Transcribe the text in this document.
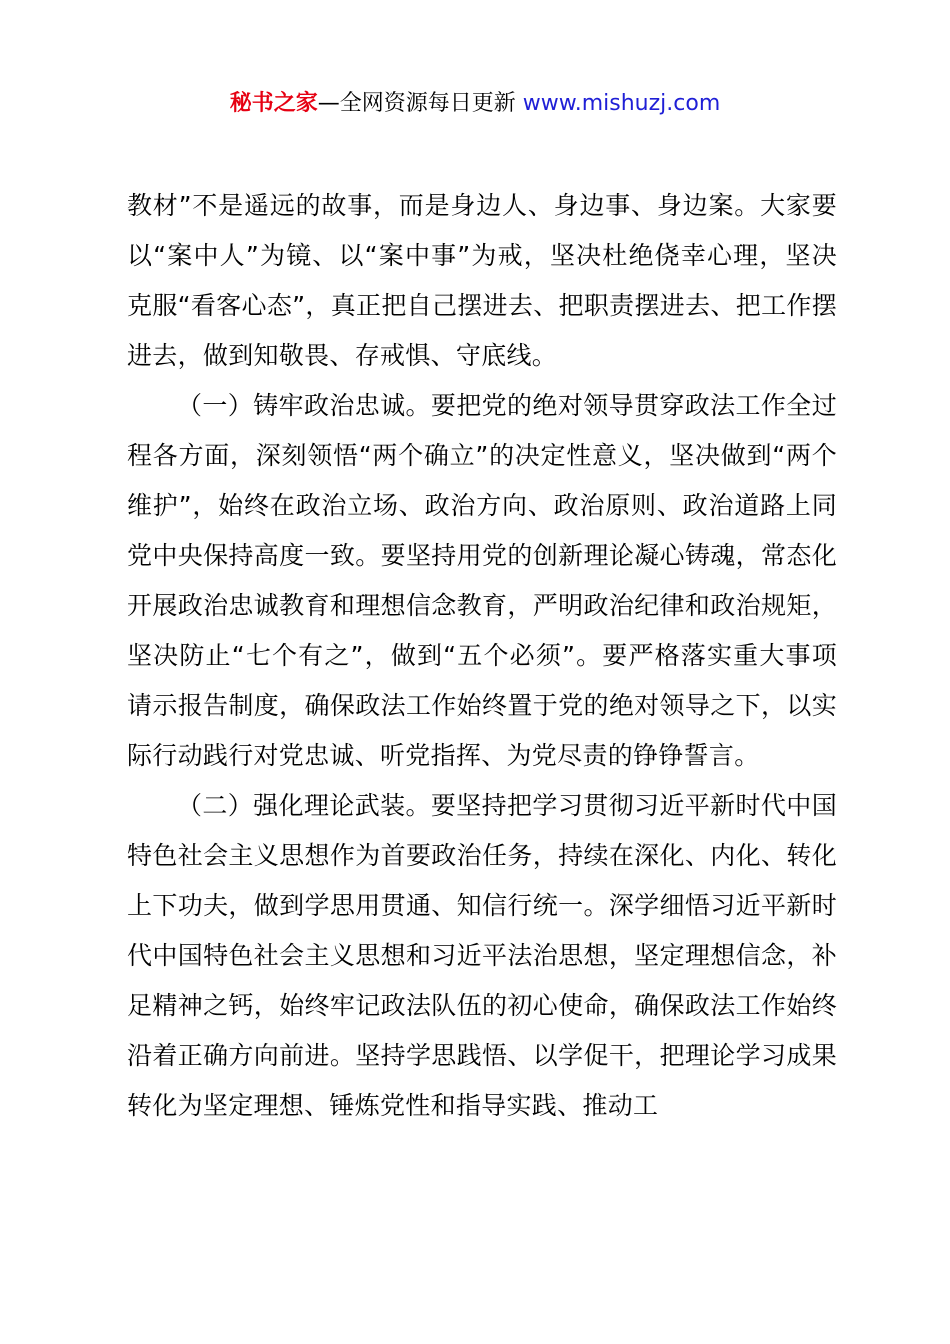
秘书之家—全网资源每日更新 www.mishuzj.com

教材”不是遥远的故事，而是身边人、身边事、身边案。大家要以“案中人”为镜、以“案中事”为戒，坚决杜绝侥幸心理，坚决克服“看客心态”，真正把自己摆进去、把职责摆进去、把工作摆进去，做到知敬畏、存戒惧、守底线。

（一）铸牢政治忠诚。要把党的绝对领导贯穿政法工作全过程各方面，深刻领悟“两个确立”的决定性意义，坚决做到“两个维护”，始终在政治立场、政治方向、政治原则、政治道路上同党中央保持高度一致。要坚持用党的创新理论凝心铸魂，常态化开展政治忠诚教育和理想信念教育，严明政治纪律和政治规矩，坚决防止“七个有之”，做到“五个必须”。要严格落实重大事项请示报告制度，确保政法工作始终置于党的绝对领导之下，以实际行动践行对党忠诚、听党指挥、为党尽责的铮铮誓言。

（二）强化理论武装。要坚持把学习贯彻习近平新时代中国特色社会主义思想作为首要政治任务，持续在深化、内化、转化上下功夫，做到学思用贯通、知信行统一。深学细悟习近平新时代中国特色社会主义思想和习近平法治思想，坚定理想信念，补足精神之钙，始终牢记政法队伍的初心使命，确保政法工作始终沿着正确方向前进。坚持学思践悟、以学促干，把理论学习成果转化为坚定理想、锤炼党性和指导实践、推动工
